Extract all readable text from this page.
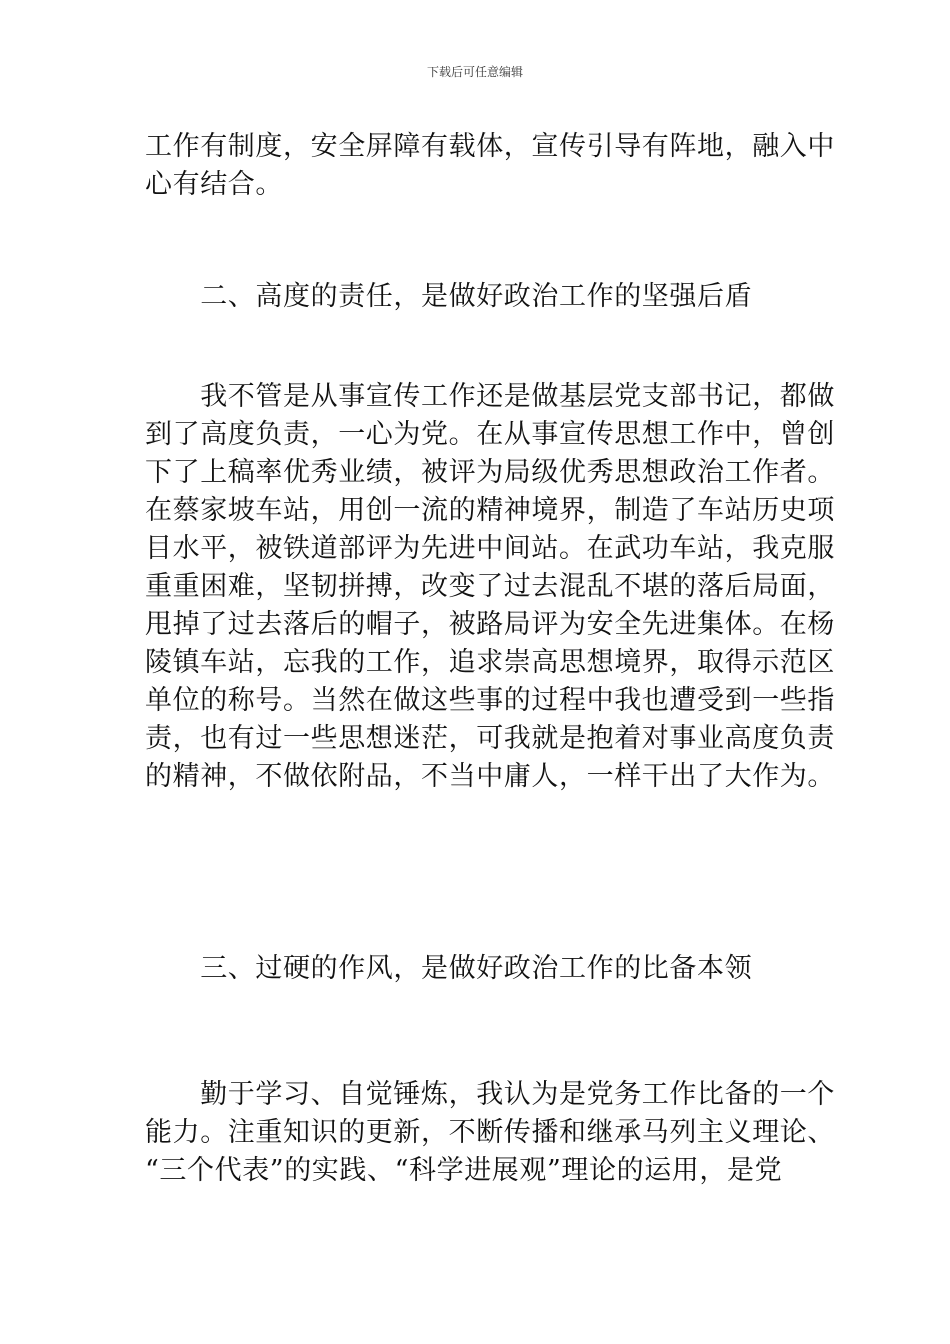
下载后可任意编辑
工作有制度，安全屏障有载体，宣传引导有阵地，融入中
心有结合。
　　二、高度的责任，是做好政治工作的坚强后盾
　　我不管是从事宣传工作还是做基层党支部书记，都做
到了高度负责，一心为党。在从事宣传思想工作中，曾创
下了上稿率优秀业绩，被评为局级优秀思想政治工作者。
在蔡家坡车站，用创一流的精神境界，制造了车站历史项
目水平，被铁道部评为先进中间站。在武功车站，我克服
重重困难，坚韧拼搏，改变了过去混乱不堪的落后局面，
甩掉了过去落后的帽子，被路局评为安全先进集体。在杨
陵镇车站，忘我的工作，追求崇高思想境界，取得示范区
单位的称号。当然在做这些事的过程中我也遭受到一些指
责，也有过一些思想迷茫，可我就是抱着对事业高度负责
的精神，不做依附品，不当中庸人，一样干出了大作为。
　　三、过硬的作风，是做好政治工作的比备本领
　　勤于学习、自觉锤炼，我认为是党务工作比备的一个
能力。注重知识的更新，不断传播和继承马列主义理论、
“三个代表”的实践、“科学进展观”理论的运用，是党
